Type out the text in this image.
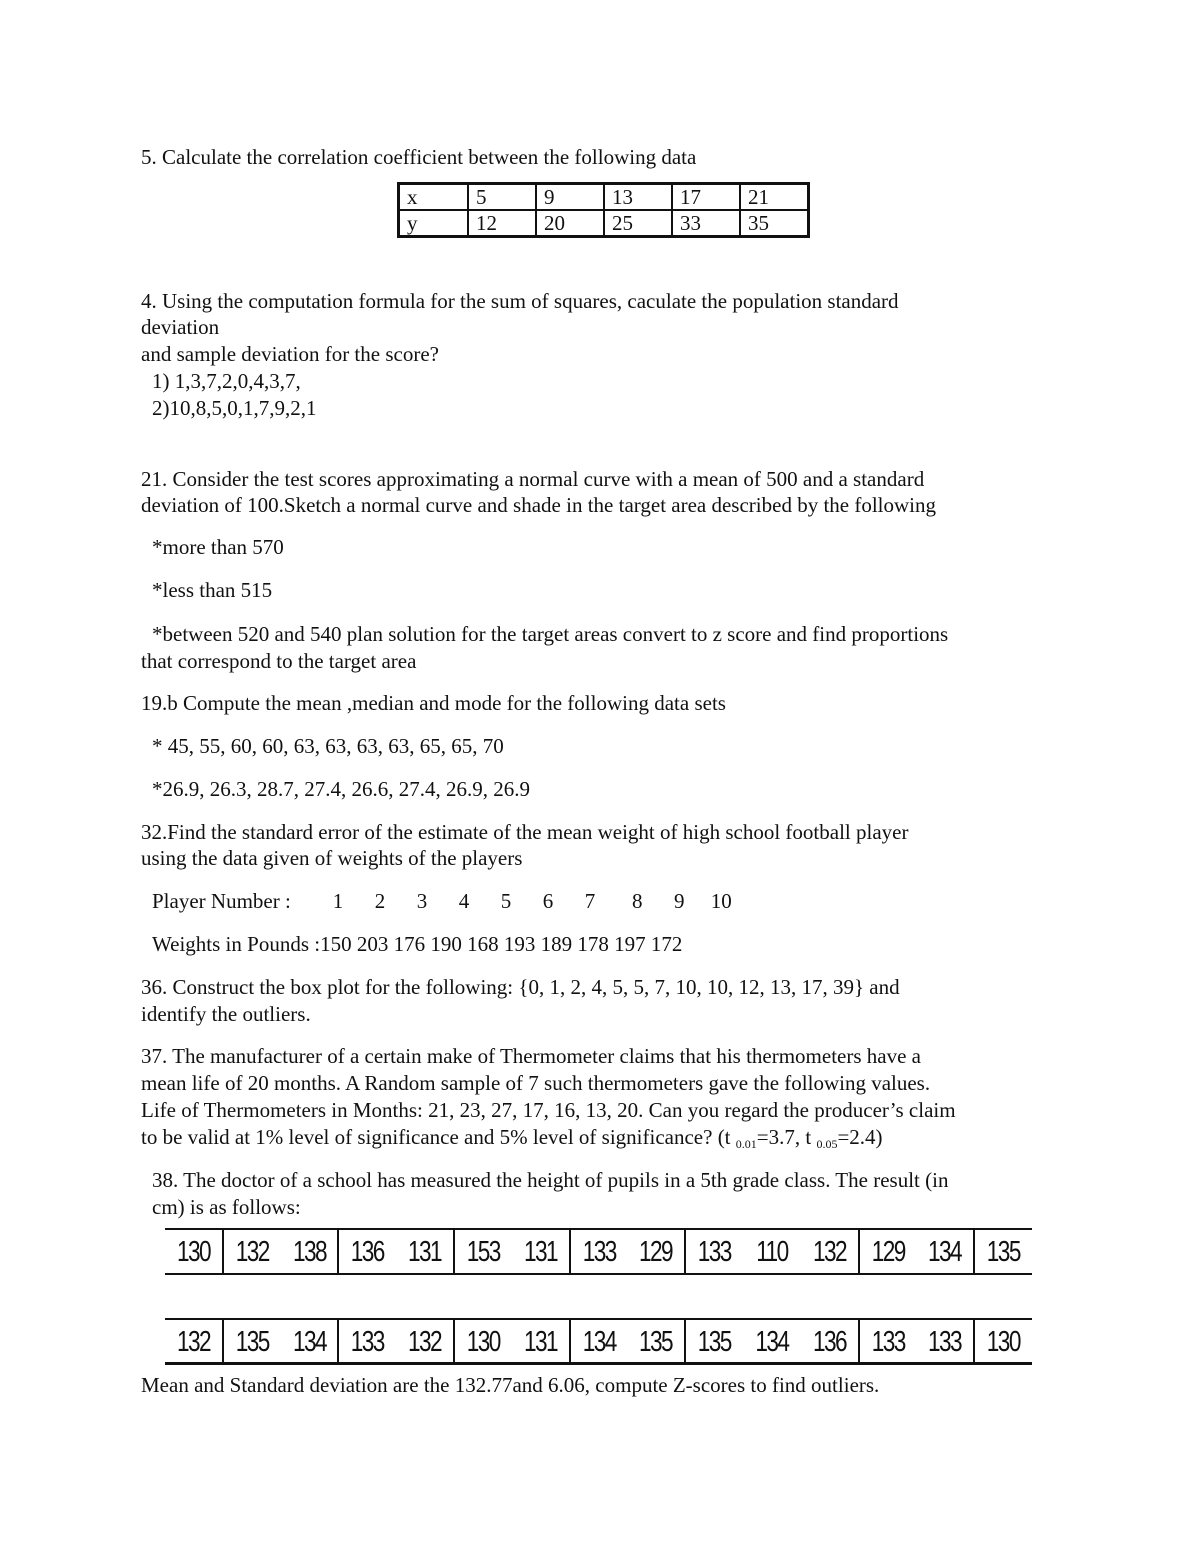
5. Calculate the correlation coefficient between the following data
x	5	9	13	17	21
y	12	20	25	33	35
4. Using the computation formula for the sum of squares, caculate the population standard
deviation
and sample deviation for the score?
1) 1,3,7,2,0,4,3,7,
2)10,8,5,0,1,7,9,2,1
21. Consider the test scores approximating a normal curve with a mean of 500 and a standard
deviation of 100.Sketch a normal curve and shade in the target area described by the following
*more than 570
*less than 515
*between 520 and 540 plan solution for the target areas convert to z score and find proportions
that correspond to the target area
19.b Compute the mean ,median and mode for the following data sets
* 45, 55, 60, 60, 63, 63, 63, 63, 65, 65, 70
*26.9, 26.3, 28.7, 27.4, 26.6, 27.4, 26.9, 26.9
32.Find the standard error of the estimate of the mean weight of high school football player
using the data given of weights of the players
Player Number :        1      2      3      4      5      6      7       8      9     10
Weights in Pounds :150 203 176 190 168 193 189 178 197 172
36. Construct the box plot for the following: {0, 1, 2, 4, 5, 5, 7, 10, 10, 12, 13, 17, 39} and
identify the outliers.
37. The manufacturer of a certain make of Thermometer claims that his thermometers have a
mean life of 20 months. A Random sample of 7 such thermometers gave the following values.
Life of Thermometers in Months: 21, 23, 27, 17, 16, 13, 20. Can you regard the producer’s claim
to be valid at 1% level of significance and 5% level of significance? (t $_{0.01}$=3.7, t $_{0.05}$=2.4)
38. The doctor of a school has measured the height of pupils in a 5th grade class. The result (in
cm) is as follows:
130	132	138	136	131	153	131	133	129	133	110	132	129	134	135
132	135	134	133	132	130	131	134	135	135	134	136	133	133	130
Mean and Standard deviation are the 132.77and 6.06, compute Z-scores to find outliers.
